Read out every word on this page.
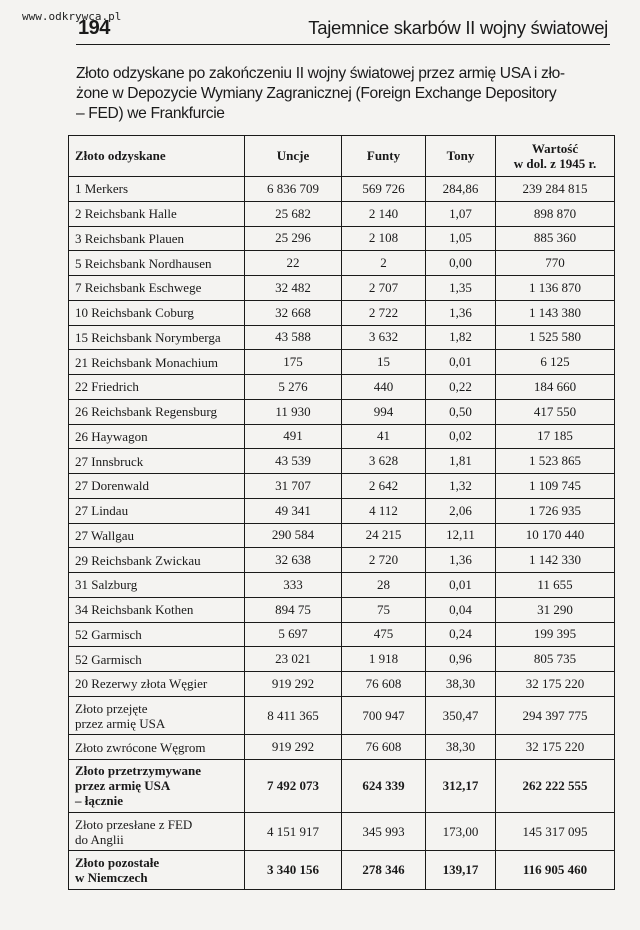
www.odkrywca.pl
194	Tajemnice skarbów II wojny światowej
Złoto odzyskane po zakończeniu II wojny światowej przez armię USA i zło-
żone w Depozycie Wymiany Zagranicznej (Foreign Exchange Depository
– FED) we Frankfurcie
Złoto odzyskane	Uncje	Funty	Tony	Wartość
w dol. z 1945 r.
1 Merkers	6 836 709	569 726	284,86	239 284 815
2 Reichsbank Halle	25 682	2 140	1,07	898 870
3 Reichsbank Plauen	25 296	2 108	1,05	885 360
5 Reichsbank Nordhausen	22	2	0,00	770
7 Reichsbank Eschwege	32 482	2 707	1,35	1 136 870
10 Reichsbank Coburg	32 668	2 722	1,36	1 143 380
15 Reichsbank Norymberga	43 588	3 632	1,82	1 525 580
21 Reichsbank Monachium	175	15	0,01	6 125
22 Friedrich	5 276	440	0,22	184 660
26 Reichsbank Regensburg	11 930	994	0,50	417 550
26 Haywagon	491	41	0,02	17 185
27 Innsbruck	43 539	3 628	1,81	1 523 865
27 Dorenwald	31 707	2 642	1,32	1 109 745
27 Lindau	49 341	4 112	2,06	1 726 935
27 Wallgau	290 584	24 215	12,11	10 170 440
29 Reichsbank Zwickau	32 638	2 720	1,36	1 142 330
31 Salzburg	333	28	0,01	11 655
34 Reichsbank Kothen	894 75	75	0,04	31 290
52 Garmisch	5 697	475	0,24	199 395
52 Garmisch	23 021	1 918	0,96	805 735
20 Rezerwy złota Węgier	919 292	76 608	38,30	32 175 220
Złoto przejęte
przez armię USA	8 411 365	700 947	350,47	294 397 775
Złoto zwrócone Węgrom	919 292	76 608	38,30	32 175 220
Złoto przetrzymywane
przez armię USA
– łącznie	7 492 073	624 339	312,17	262 222 555
Złoto przesłane z FED
do Anglii	4 151 917	345 993	173,00	145 317 095
Złoto pozostałe
w Niemczech	3 340 156	278 346	139,17	116 905 460
